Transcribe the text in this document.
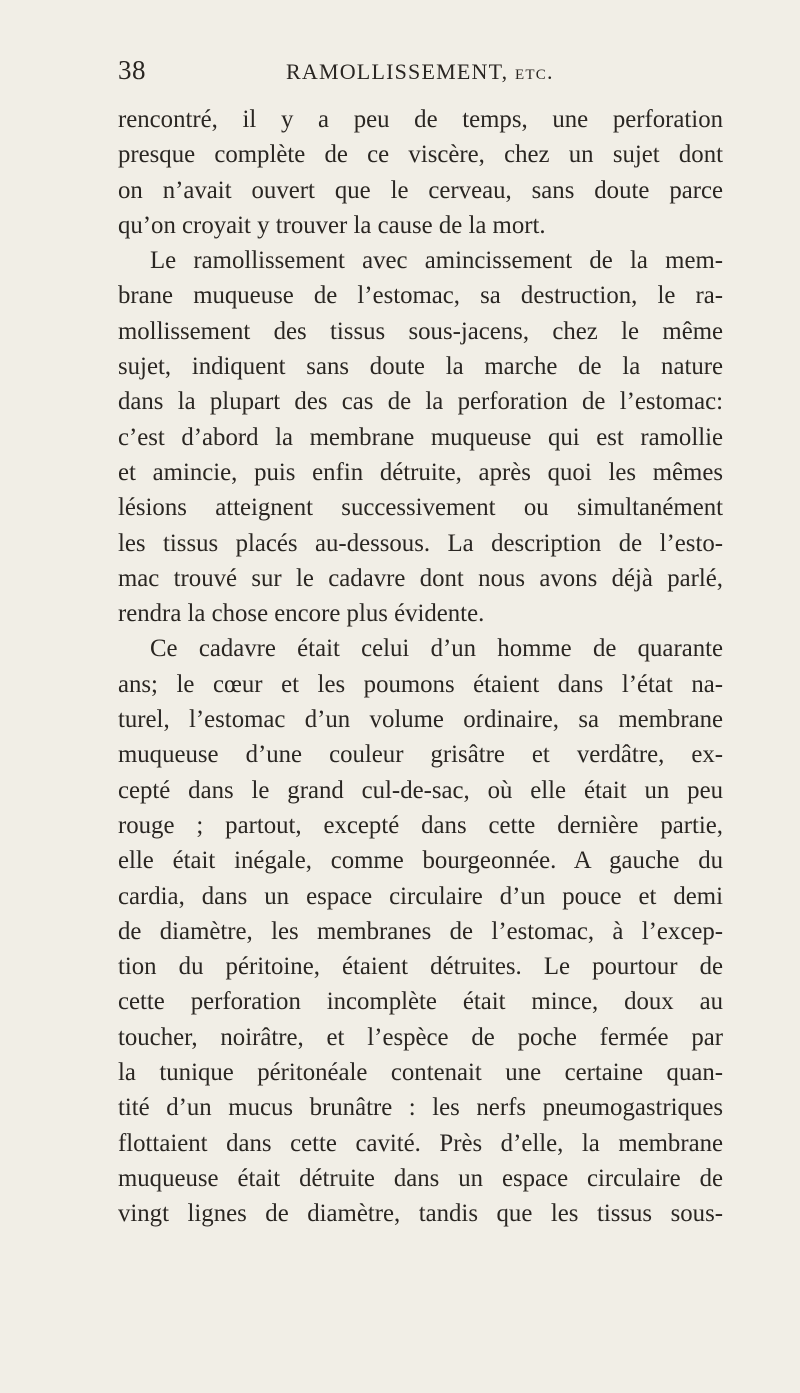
38	RAMOLLISSEMENT, etc.
rencontré, il y a peu de temps, une perforation
presque complète de ce viscère, chez un sujet dont
on n’avait ouvert que le cerveau, sans doute parce
qu’on croyait y trouver la cause de la mort.
Le ramollissement avec amincissement de la mem-
brane muqueuse de l’estomac, sa destruction, le ra-
mollissement des tissus sous-jacens, chez le même
sujet, indiquent sans doute la marche de la nature
dans la plupart des cas de la perforation de l’estomac:
c’est d’abord la membrane muqueuse qui est ramollie
et amincie, puis enfin détruite, après quoi les mêmes
lésions atteignent successivement ou simultanément
les tissus placés au-dessous. La description de l’esto-
mac trouvé sur le cadavre dont nous avons déjà parlé,
rendra la chose encore plus évidente.
Ce cadavre était celui d’un homme de quarante
ans; le cœur et les poumons étaient dans l’état na-
turel, l’estomac d’un volume ordinaire, sa membrane
muqueuse d’une couleur grisâtre et verdâtre, ex-
cepté dans le grand cul-de-sac, où elle était un peu
rouge ; partout, excepté dans cette dernière partie,
elle était inégale, comme bourgeonnée. A gauche du
cardia, dans un espace circulaire d’un pouce et demi
de diamètre, les membranes de l’estomac, à l’excep-
tion du péritoine, étaient détruites. Le pourtour de
cette perforation incomplète était mince, doux au
toucher, noirâtre, et l’espèce de poche fermée par
la tunique péritonéale contenait une certaine quan-
tité d’un mucus brunâtre : les nerfs pneumogastriques
flottaient dans cette cavité. Près d’elle, la membrane
muqueuse était détruite dans un espace circulaire de
vingt lignes de diamètre, tandis que les tissus sous-
